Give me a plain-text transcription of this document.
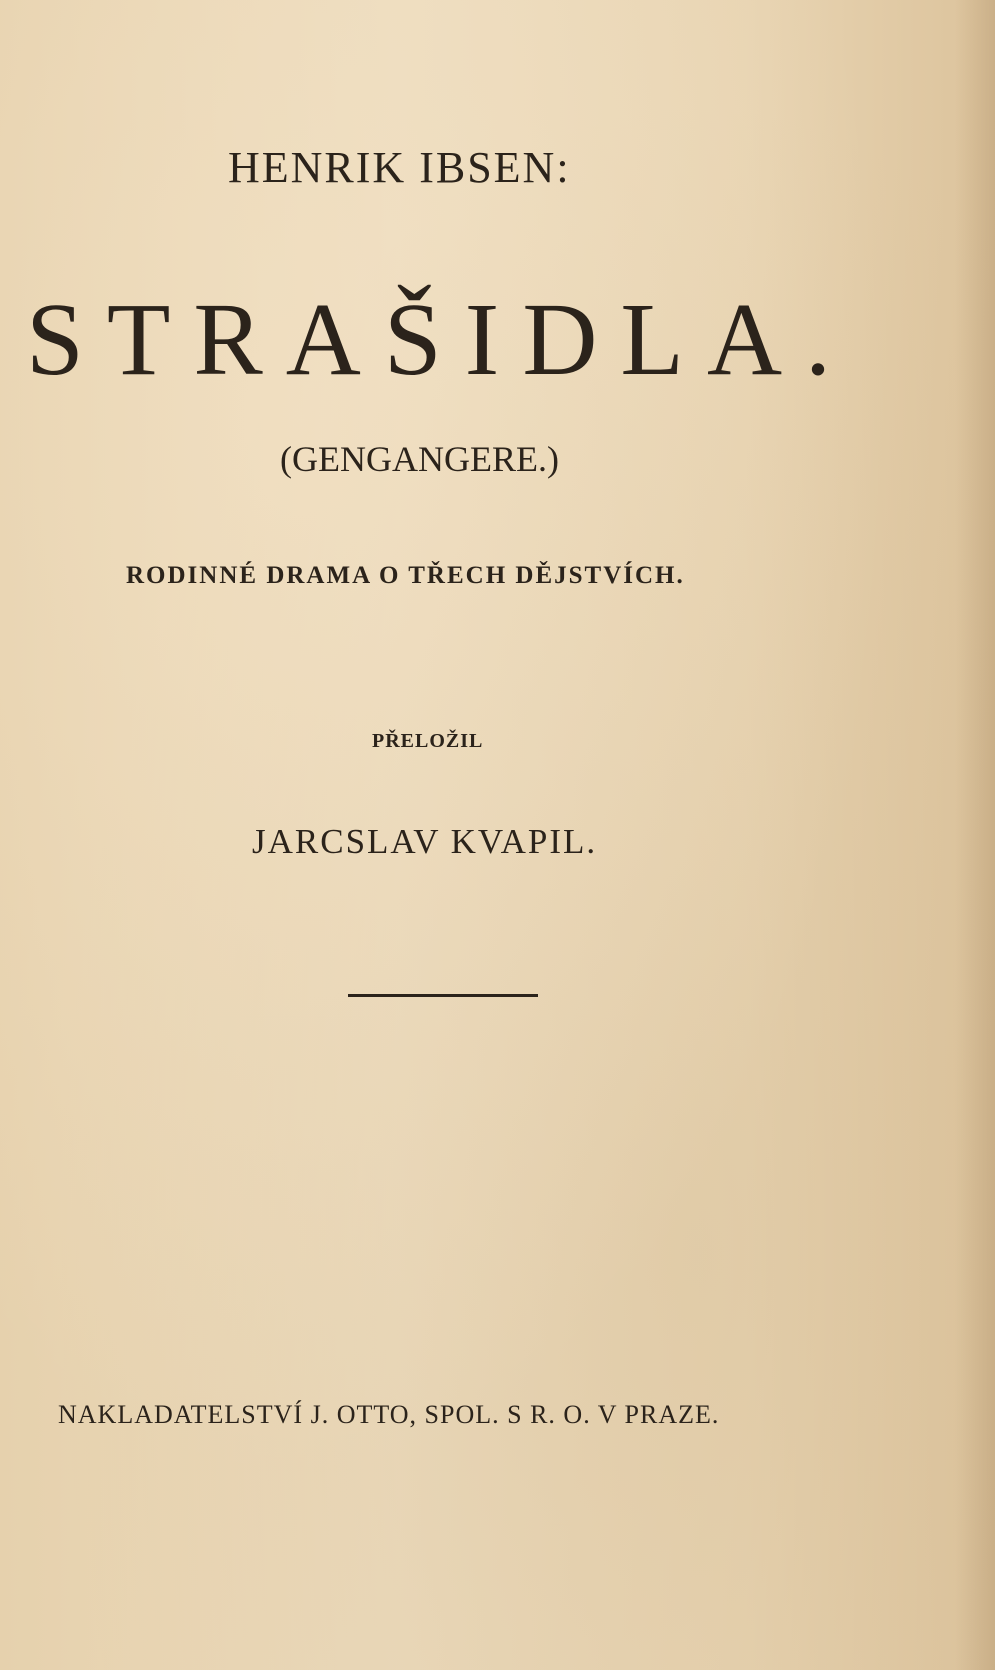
HENRIK IBSEN:
STRAŠIDLA.
(GENGANGERE.)
RODINNÉ DRAMA O TŘECH DĚJSTVÍCH.
PŘELOŽIL
JARCSLAV KVAPIL.
NAKLADATELSTVÍ J. OTTO, SPOL. S R. O. V PRAZE.
